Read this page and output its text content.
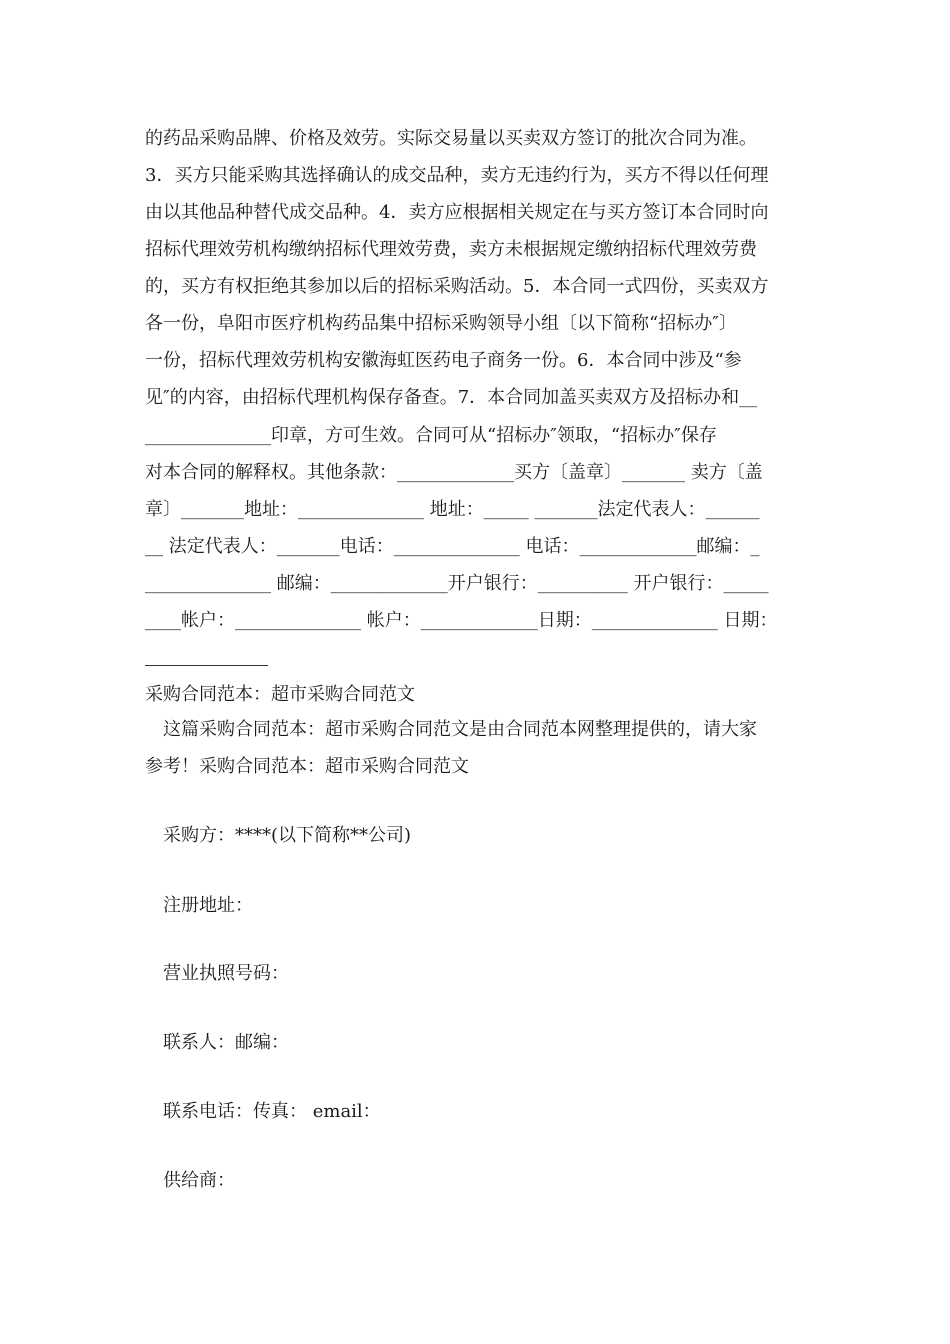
的药品采购品牌、价格及效劳。实际交易量以买卖双方签订的批次合同为准。
3．买方只能采购其选择确认的成交品种，卖方无违约行为，买方不得以任何理
由以其他品种替代成交品种。4．卖方应根据相关规定在与买方签订本合同时向
招标代理效劳机构缴纳招标代理效劳费，卖方未根据规定缴纳招标代理效劳费
的，买方有权拒绝其参加以后的招标采购活动。5．本合同一式四份，买卖双方
各一份，阜阳市医疗机构药品集中招标采购领导小组〔以下简称“招标办″〕
一份，招标代理效劳机构安徽海虹医药电子商务一份。6．本合同中涉及“参
见″的内容，由招标代理机构保存备查。7．本合同加盖买卖双方及招标办和__
______________印章，方可生效。合同可从“招标办″领取，“招标办″保存
对本合同的解释权。其他条款：_____________买方〔盖章〕_______ 卖方〔盖
章〕_______地址：______________ 地址：_____ _______法定代表人：______
__ 法定代表人：_______电话：______________ 电话：_____________邮编：_
______________ 邮编：_____________开户银行：__________ 开户银行：_____
____帐户：______________ 帐户：_____________日期：______________ 日期：
采购合同范本：超市采购合同范文
这篇采购合同范本：超市采购合同范文是由合同范本网整理提供的，请大家
参考！采购合同范本：超市采购合同范文
采购方：****(以下简称**公司)
注册地址：
营业执照号码：
联系人：邮编：
联系电话：传真： email：
供给商：
